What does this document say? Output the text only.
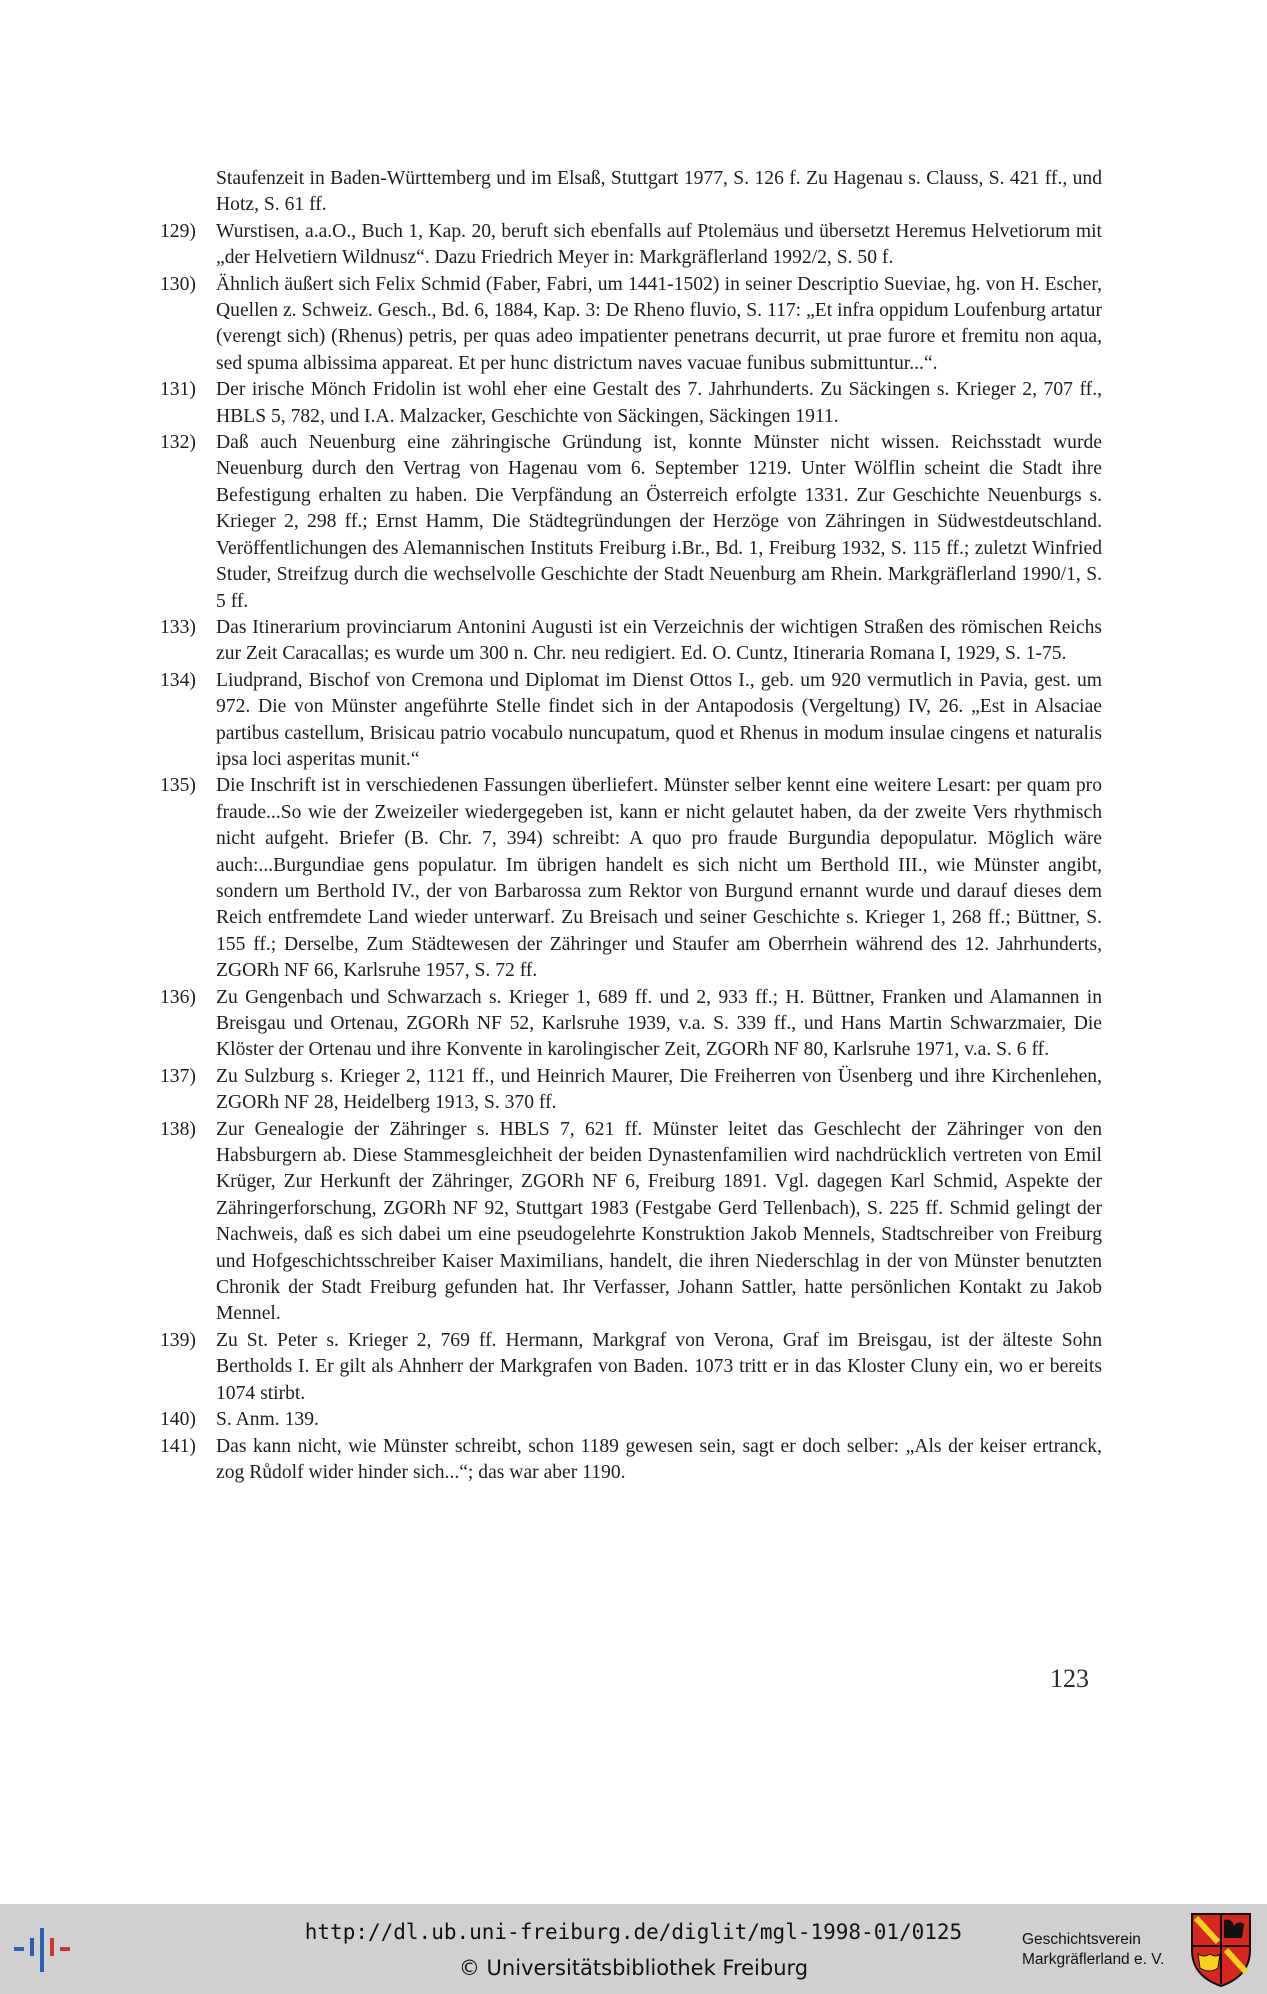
Staufenzeit in Baden-Württemberg und im Elsaß, Stuttgart 1977, S. 126 f. Zu Hagenau s. Clauss, S. 421 ff., und Hotz, S. 61 ff.
129)	Wurstisen, a.a.O., Buch 1, Kap. 20, beruft sich ebenfalls auf Ptolemäus und übersetzt Heremus Helvetiorum mit „der Helvetiern Wildnusz“. Dazu Friedrich Meyer in: Markgräflerland 1992/2, S. 50 f.
130)	Ähnlich äußert sich Felix Schmid (Faber, Fabri, um 1441-1502) in seiner Descriptio Sueviae, hg. von H. Escher, Quellen z. Schweiz. Gesch., Bd. 6, 1884, Kap. 3: De Rheno fluvio, S. 117: „Et infra oppidum Loufenburg artatur (verengt sich) (Rhenus) petris, per quas adeo impatienter penetrans decurrit, ut prae furore et fremitu non aqua, sed spuma albissima appareat. Et per hunc districtum naves vacuae funibus submittuntur...“.
131)	Der irische Mönch Fridolin ist wohl eher eine Gestalt des 7. Jahrhunderts. Zu Säckingen s. Krieger 2, 707 ff., HBLS 5, 782, und I.A. Malzacker, Geschichte von Säckingen, Säckingen 1911.
132)	Daß auch Neuenburg eine zähringische Gründung ist, konnte Münster nicht wissen. Reichsstadt wurde Neuenburg durch den Vertrag von Hagenau vom 6. September 1219. Unter Wölflin scheint die Stadt ihre Befestigung erhalten zu haben. Die Verpfändung an Österreich erfolgte 1331. Zur Geschichte Neuenburgs s. Krieger 2, 298 ff.; Ernst Hamm, Die Städtegründungen der Herzöge von Zähringen in Südwestdeutschland. Veröffentlichungen des Alemannischen Instituts Freiburg i.Br., Bd. 1, Freiburg 1932, S. 115 ff.; zuletzt Winfried Studer, Streifzug durch die wechselvolle Geschichte der Stadt Neuenburg am Rhein. Markgräflerland 1990/1, S. 5 ff.
133)	Das Itinerarium provinciarum Antonini Augusti ist ein Verzeichnis der wichtigen Straßen des römischen Reichs zur Zeit Caracallas; es wurde um 300 n. Chr. neu redigiert. Ed. O. Cuntz, Itineraria Romana I, 1929, S. 1-75.
134)	Liudprand, Bischof von Cremona und Diplomat im Dienst Ottos I., geb. um 920 vermutlich in Pavia, gest. um 972. Die von Münster angeführte Stelle findet sich in der Antapodosis (Vergeltung) IV, 26. „Est in Alsaciae partibus castellum, Brisicau patrio vocabulo nuncupatum, quod et Rhenus in modum insulae cingens et naturalis ipsa loci asperitas munit.“
135)	Die Inschrift ist in verschiedenen Fassungen überliefert. Münster selber kennt eine weitere Lesart: per quam pro fraude...So wie der Zweizeiler wiedergegeben ist, kann er nicht gelautet haben, da der zweite Vers rhythmisch nicht aufgeht. Briefer (B. Chr. 7, 394) schreibt: A quo pro fraude Burgundia depopulatur. Möglich wäre auch:...Burgundiae gens populatur. Im übrigen handelt es sich nicht um Berthold III., wie Münster angibt, sondern um Berthold IV., der von Barbarossa zum Rektor von Burgund ernannt wurde und darauf dieses dem Reich entfremdete Land wieder unterwarf. Zu Breisach und seiner Geschichte s. Krieger 1, 268 ff.; Büttner, S. 155 ff.; Derselbe, Zum Städtewesen der Zähringer und Staufer am Oberrhein während des 12. Jahrhunderts, ZGORh NF 66, Karlsruhe 1957, S. 72 ff.
136)	Zu Gengenbach und Schwarzach s. Krieger 1, 689 ff. und 2, 933 ff.; H. Büttner, Franken und Alamannen in Breisgau und Ortenau, ZGORh NF 52, Karlsruhe 1939, v.a. S. 339 ff., und Hans Martin Schwarzmaier, Die Klöster der Ortenau und ihre Konvente in karolingischer Zeit, ZGORh NF 80, Karlsruhe 1971, v.a. S. 6 ff.
137)	Zu Sulzburg s. Krieger 2, 1121 ff., und Heinrich Maurer, Die Freiherren von Üsenberg und ihre Kirchenlehen, ZGORh NF 28, Heidelberg 1913, S. 370 ff.
138)	Zur Genealogie der Zähringer s. HBLS 7, 621 ff. Münster leitet das Geschlecht der Zähringer von den Habsburgern ab. Diese Stammesgleichheit der beiden Dynastenfamilien wird nachdrücklich vertreten von Emil Krüger, Zur Herkunft der Zähringer, ZGORh NF 6, Freiburg 1891. Vgl. dagegen Karl Schmid, Aspekte der Zähringerforschung, ZGORh NF 92, Stuttgart 1983 (Festgabe Gerd Tellenbach), S. 225 ff. Schmid gelingt der Nachweis, daß es sich dabei um eine pseudogelehrte Konstruktion Jakob Mennels, Stadtschreiber von Freiburg und Hofgeschichtsschreiber Kaiser Maximilians, handelt, die ihren Niederschlag in der von Münster benutzten Chronik der Stadt Freiburg gefunden hat. Ihr Verfasser, Johann Sattler, hatte persönlichen Kontakt zu Jakob Mennel.
139)	Zu St. Peter s. Krieger 2, 769 ff. Hermann, Markgraf von Verona, Graf im Breisgau, ist der älteste Sohn Bertholds I. Er gilt als Ahnherr der Markgrafen von Baden. 1073 tritt er in das Kloster Cluny ein, wo er bereits 1074 stirbt.
140)	S. Anm. 139.
141)	Das kann nicht, wie Münster schreibt, schon 1189 gewesen sein, sagt er doch selber: „Als der keiser ertranck, zog Růdolf wider hinder sich...“; das war aber 1190.
123
http://dl.ub.uni-freiburg.de/diglit/mgl-1998-01/0125
© Universitätsbibliothek Freiburg
Geschichtsverein
Markgräflerland e. V.
